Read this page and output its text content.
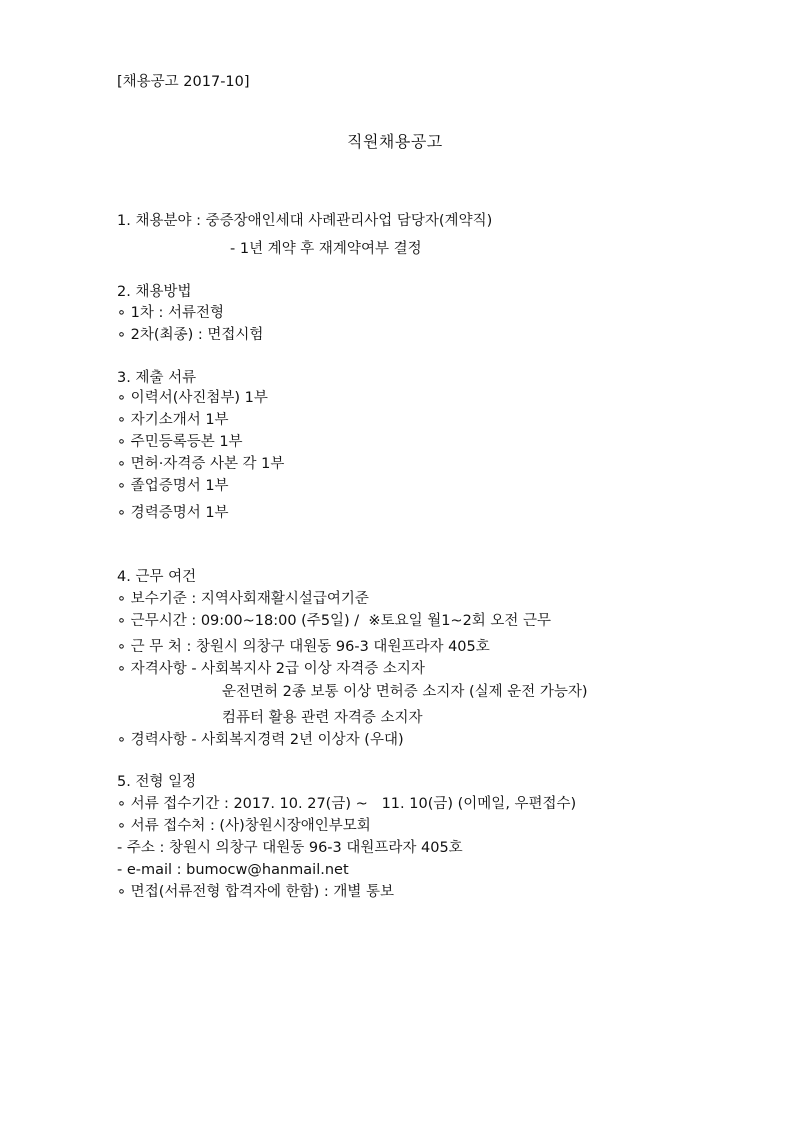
[채용공고 2017-10]
직원채용공고
1. 채용분야 : 중증장애인세대 사례관리사업 담당자(계약직)
- 1년 계약 후 재계약여부 결정
2. 채용방법
∘ 1차 : 서류전형
∘ 2차(최종) : 면접시험
3. 제출 서류
∘ 이력서(사진첨부) 1부
∘ 자기소개서 1부
∘ 주민등록등본 1부
∘ 면허·자격증 사본 각 1부
∘ 졸업증명서 1부
∘ 경력증명서 1부
4. 근무 여건
∘ 보수기준 : 지역사회재활시설급여기준
∘ 근무시간 : 09:00~18:00 (주5일) /  ※토요일 월1~2회 오전 근무
∘ 근 무 처 : 창원시 의창구 대원동 96-3 대원프라자 405호
∘ 자격사항 - 사회복지사 2급 이상 자격증 소지자
운전면허 2종 보통 이상 면허증 소지자 (실제 운전 가능자)
컴퓨터 활용 관련 자격증 소지자
∘ 경력사항 - 사회복지경력 2년 이상자 (우대)
5. 전형 일정
∘ 서류 접수기간 : 2017. 10. 27(금) ~   11. 10(금) (이메일, 우편접수)
∘ 서류 접수처 : (사)창원시장애인부모회
- 주소 : 창원시 의창구 대원동 96-3 대원프라자 405호
- e-mail : bumocw@hanmail.net
∘ 면접(서류전형 합격자에 한함) : 개별 통보
